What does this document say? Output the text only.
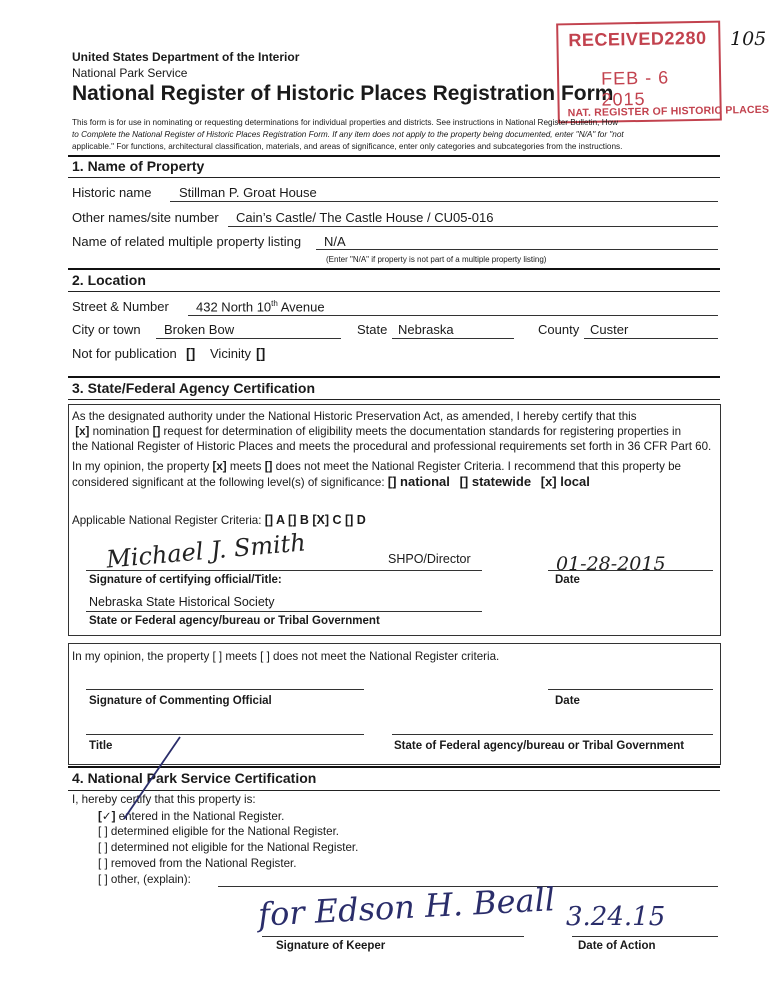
United States Department of the Interior
National Park Service
National Register of Historic Places Registration Form
105
RECEIVED2280
FEB - 6 2015
NAT. REGISTER OF HISTORIC PLACES
This form is for use in nominating or requesting determinations for individual properties and districts. See instructions in National Register Bulletin, How
to Complete the National Register of Historic Places Registration Form. If any item does not apply to the property being documented, enter "N/A" for "not
applicable." For functions, architectural classification, materials, and areas of significance, enter only categories and subcategories from the instructions.
1. Name of Property
Historic name Stillman P. Groat House
Other names/site number Cain’s Castle/ The Castle House / CU05-016
Name of related multiple property listing N/A
(Enter "N/A" if property is not part of a multiple property listing)
2. Location
Street & Number 432 North 10th Avenue
City or town Broken Bow	State Nebraska	County Custer
Not for publication [] Vicinity []
3. State/Federal Agency Certification
As the designated authority under the National Historic Preservation Act, as amended, I hereby certify that this
[x] nomination [] request for determination of eligibility meets the documentation standards for registering properties in
the National Register of Historic Places and meets the procedural and professional requirements set forth in 36 CFR Part 60.
In my opinion, the property [x] meets [] does not meet the National Register Criteria. I recommend that this property be
considered significant at the following level(s) of significance: [] national [] statewide [x] local
Applicable National Register Criteria: [] A [] B [X] C [] D
Michael J. Smith	SHPO/Director	01-28-2015
Signature of certifying official/Title:	Date
Nebraska State Historical Society
State or Federal agency/bureau or Tribal Government
In my opinion, the property [ ] meets [ ] does not meet the National Register criteria.
Signature of Commenting Official	Date
Title	State of Federal agency/bureau or Tribal Government
4. National Park Service Certification
I, hereby certify that this property is:
[✓] entered in the National Register.
[ ] determined eligible for the National Register.
[ ] determined not eligible for the National Register.
[ ] removed from the National Register.
[ ] other, (explain):
for Edson H. Beall 3.24.15
Signature of Keeper	Date of Action
